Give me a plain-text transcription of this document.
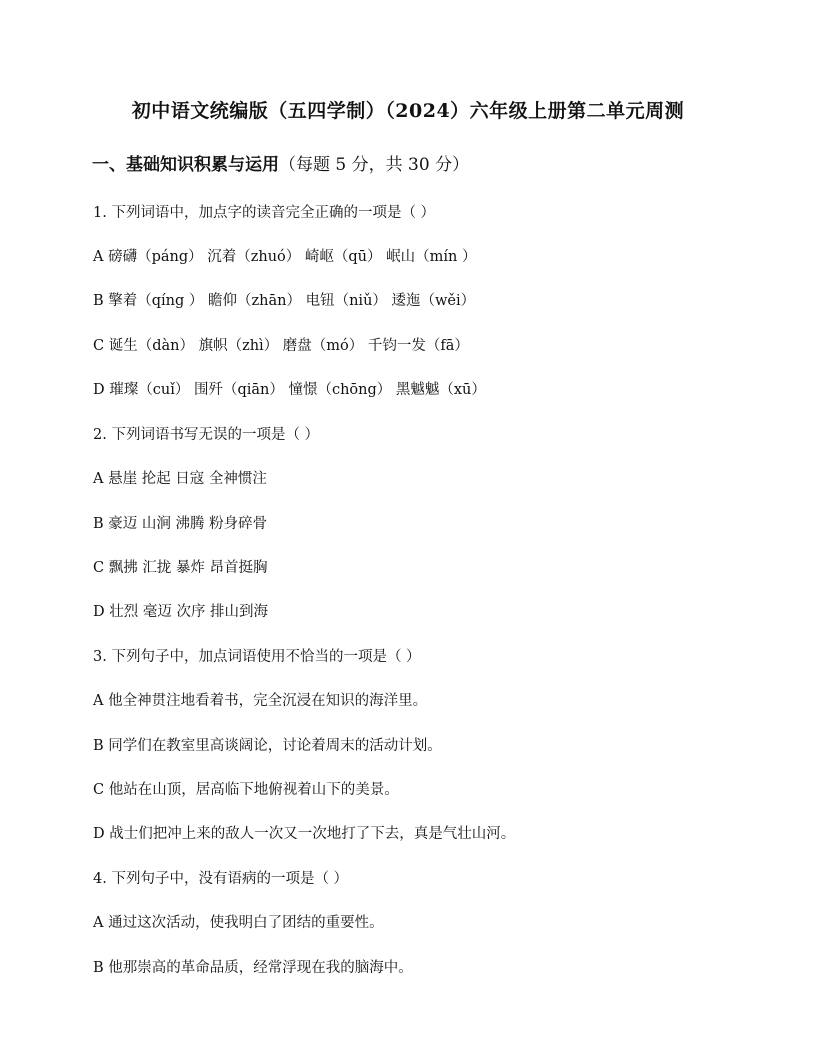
初中语文统编版（五四学制）（2024）六年级上册第二单元周测
一、基础知识积累与运用（每题 5 分，共 30 分）
1. 下列词语中，加点字的读音完全正确的一项是（ ）
A 磅礴（páng） 沉着（zhuó） 崎岖（qū） 岷山（mín ）
B 擎着（qíng ） 瞻仰（zhān） 电钮（niǔ） 逶迤（wěi）
C 诞生（dàn） 旗帜（zhì） 磨盘（mó） 千钧一发（fā）
D 璀璨（cuǐ） 围歼（qiān） 憧憬（chōng） 黑魆魆（xū）
2. 下列词语书写无误的一项是（ ）
A 悬崖 抡起 日寇 全神惯注
B 豪迈 山涧 沸腾 粉身碎骨
C 飘拂 汇拢 暴炸 昂首挺胸
D 壮烈 毫迈 次序 排山到海
3. 下列句子中，加点词语使用不恰当的一项是（ ）
A 他全神贯注地看着书，完全沉浸在知识的海洋里。
B 同学们在教室里高谈阔论，讨论着周末的活动计划。
C 他站在山顶，居高临下地俯视着山下的美景。
D 战士们把冲上来的敌人一次又一次地打了下去，真是气壮山河。
4. 下列句子中，没有语病的一项是（ ）
A 通过这次活动，使我明白了团结的重要性。
B 他那崇高的革命品质，经常浮现在我的脑海中。
